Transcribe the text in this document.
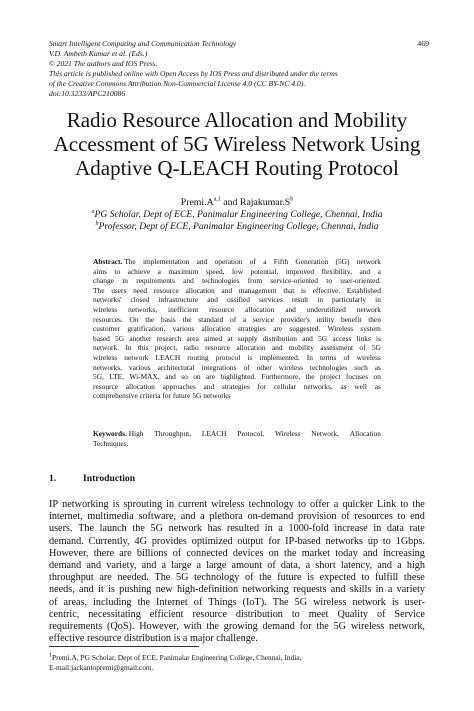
Smart Intelligent Computing and Communication Technology
V.D. Ambeth Kumar et al. (Eds.)
© 2021 The authors and IOS Press.
This article is published online with Open Access by IOS Press and distributed under the terms
of the Creative Commons Attribution Non-Commercial License 4.0 (CC BY-NC 4.0).
doi:10.3233/APC210086
469
Radio Resource Allocation and Mobility
Accessment of 5G Wireless Network Using
Adaptive Q-LEACH Routing Protocol
$Premi.A^{a,1}$ and $Rajakumar.S^b$
$^a$PG Scholar, Dept of ECE, Panimalar Engineering College, Chennai, India
$^b$Professor, Dept of ECE, Panimalar Engineering College, Chennai, India
Abstract. The implementation and operation of a Fifth Generation (5G) network
aims to achieve a maximum speed, low potential, improved flexibility, and a
change in requirements and technologies from service-oriented to user-oriented.
The users need resource allocation and management that is effective. Established
networks' closed infrastructure and ossified services result in particularly in
wireless networks, inefficient resource allocation and underutilized network
resources. On the basis the standard of a service provider's utility benefit then
customer gratification, various allocation strategies are suggested. Wireless system
based 5G another research area aimed at supply distribution and 5G access links is
network. In this project, radio resource allocation and mobility assessment of 5G
wireless network LEACH routing protocol is implemented. In terms of wireless
networks, various architectural integrations of other wireless technologies such as
5G, LTE, Wi-MAX, and so on are highlighted. Furthermore, the project focuses on
resource allocation approaches and strategies for cellular networks, as well as
comprehensive criteria for future 5G networks
Keywords. High Throughput, LEACH Protocol, Wireless Network, Allocation
Techniques.
1.	Introduction
IP networking is sprouting in current wireless technology to offer a quicker Link to the
internet, multimedia software, and a plethora on-demand provision of resources to end
users. The launch the 5G network has resulted in a 1000-fold increase in data rate
demand. Currently, 4G provides optimized output for IP-based networks up to 1Gbps.
However, there are billions of connected devices on the market today and increasing
demand and variety, and a large a large amount of data, a short latency, and a high
throughput are needed. The 5G technology of the future is expected to fulfill these
needs, and it is pushing new high-definition networking requests and skills in a variety
of areas, including the Internet of Things (IoT). The 5G wireless network is user-
centric, necessitating efficient resource distribution to meet Quality of Service
requirements (QoS). However, with the growing demand for the 5G wireless network,
effective resource distribution is a major challenge.
$^1$Premi.A, PG Scholar, Dept of ECE, Panimalar Engineering College, Chennai, India,
E-mail:jackantopremi@gmail.com.
